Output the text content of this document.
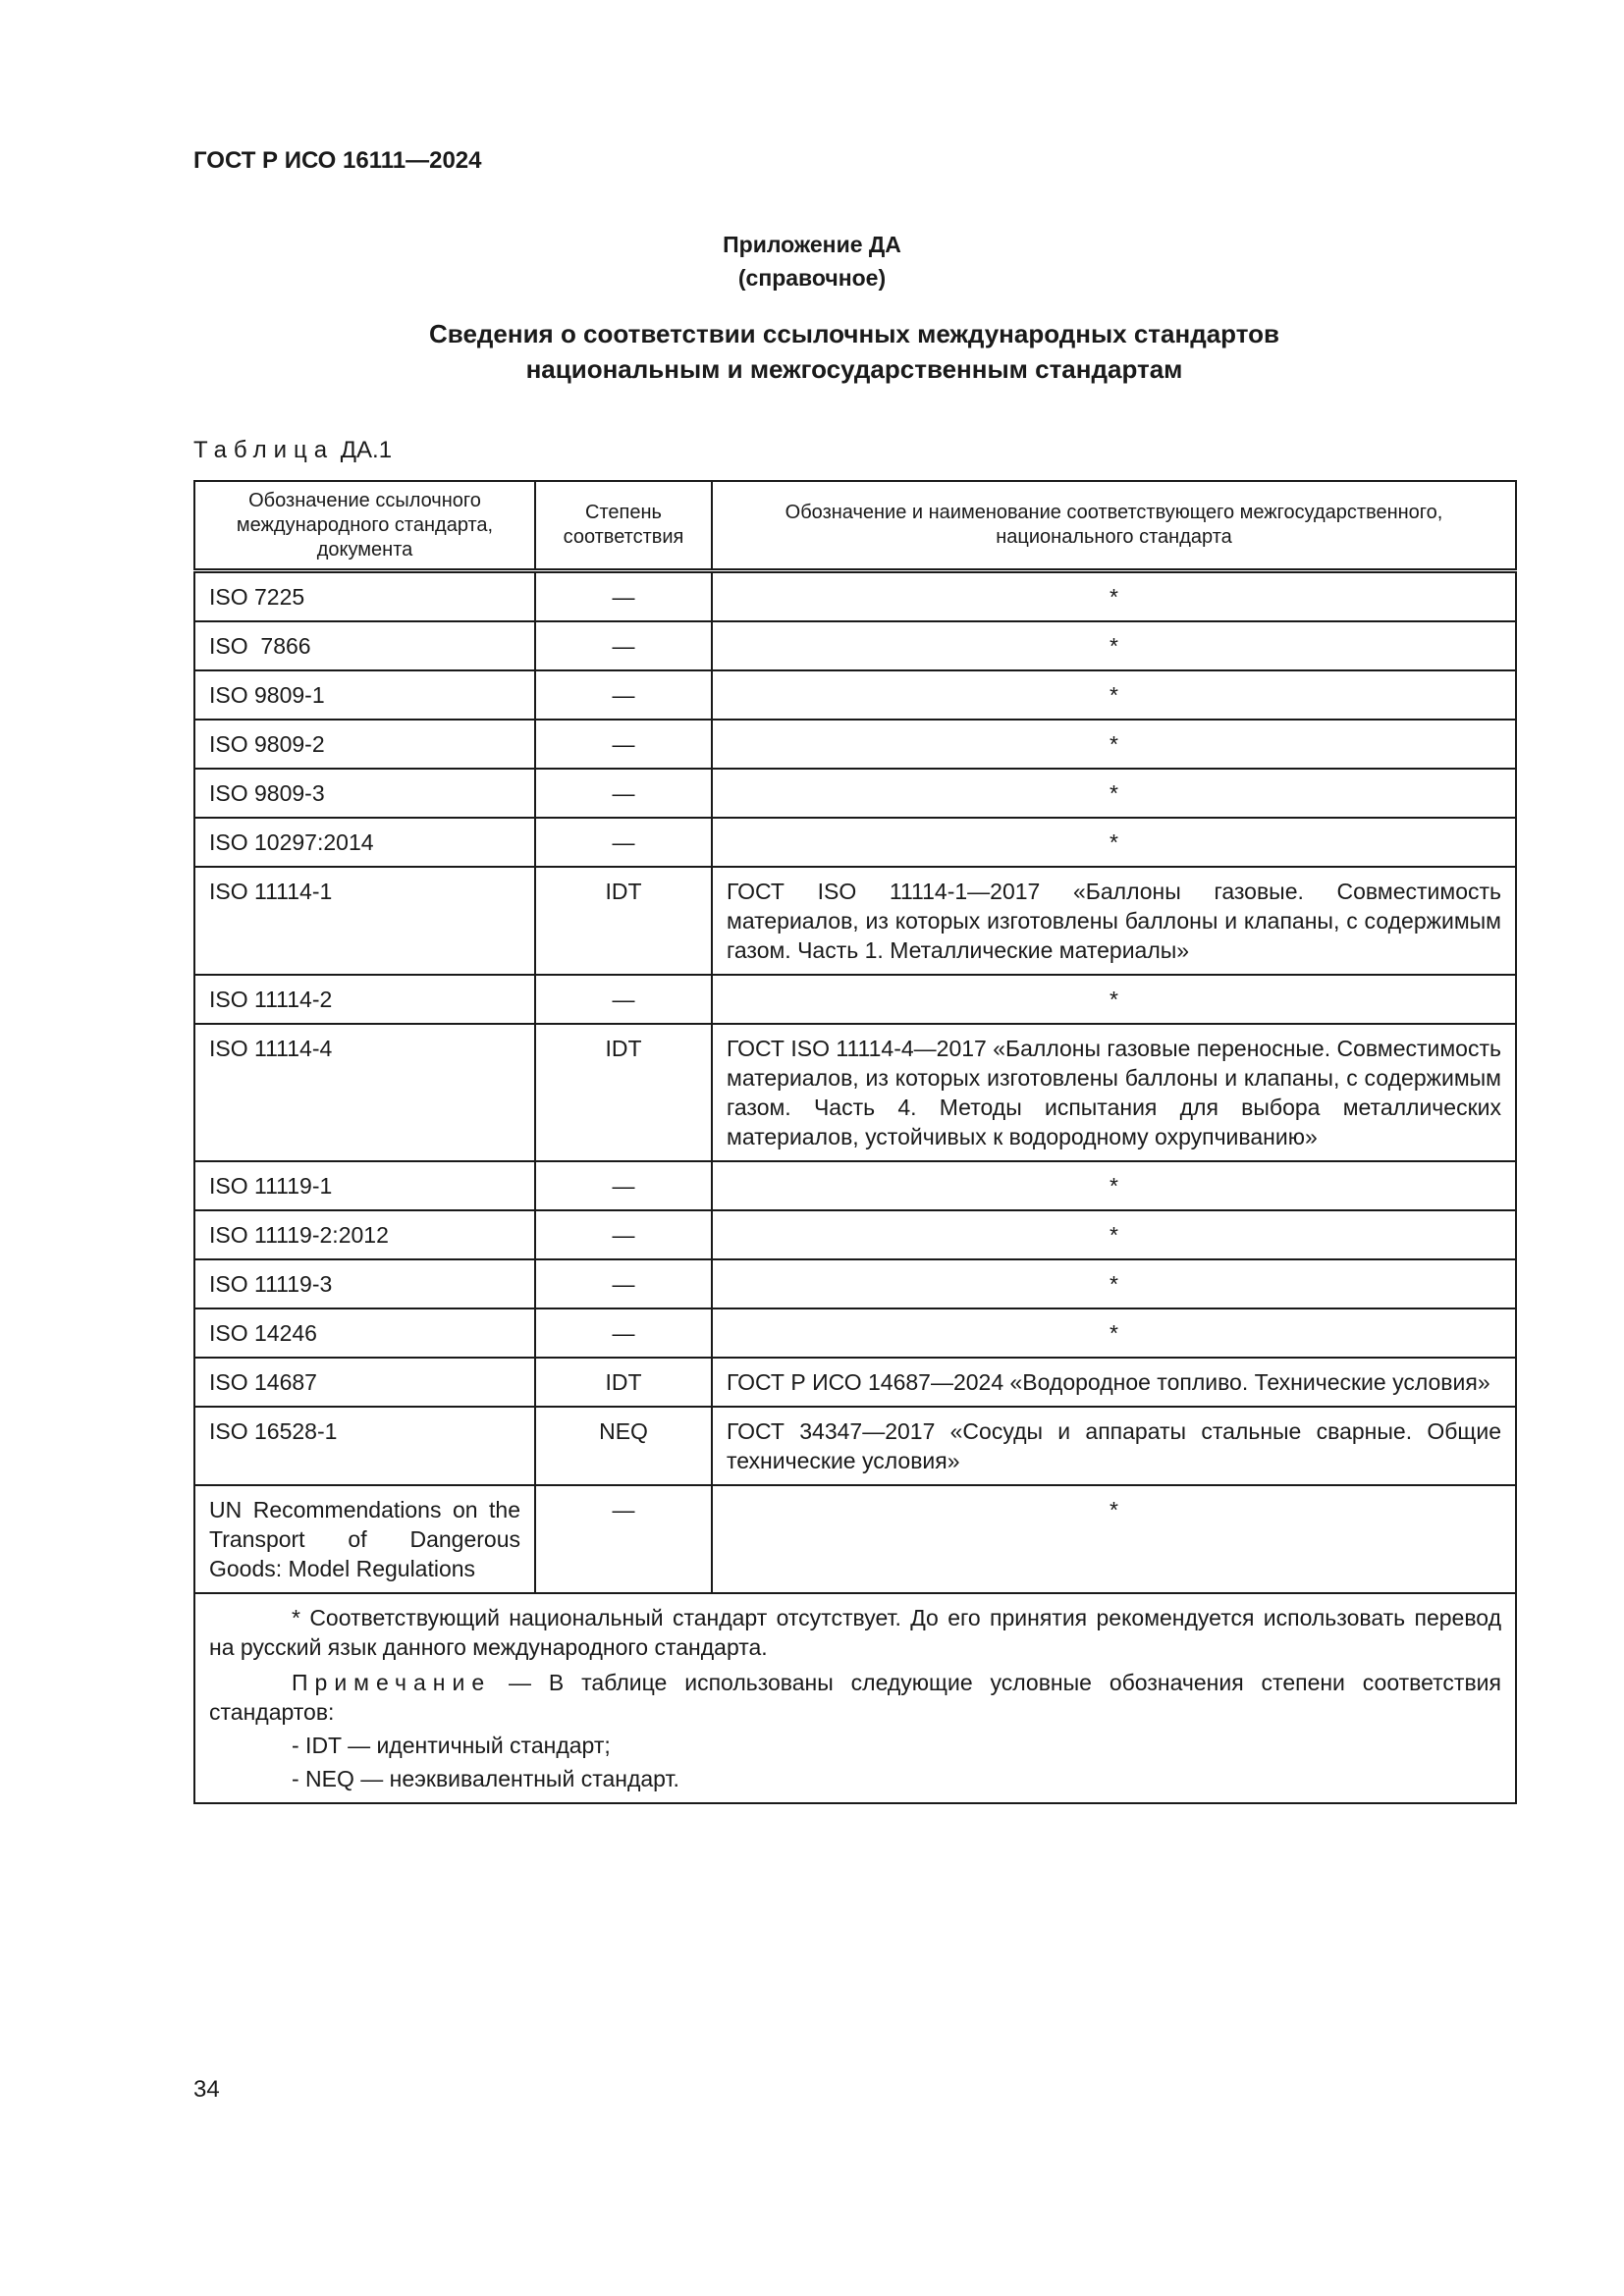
ГОСТ Р ИСО 16111—2024
Приложение ДА
(справочное)
Сведения о соответствии ссылочных международных стандартов
национальным и межгосударственным стандартам
Таблица ДА.1
Обозначение ссылочного международного стандарта, документа	Степень соответствия	Обозначение и наименование соответствующего межгосударственного, национального стандарта
ISO 7225	—	*
ISO  7866	—	*
ISO 9809-1	—	*
ISO 9809-2	—	*
ISO 9809-3	—	*
ISO 10297:2014	—	*
ISO 11114-1	IDT	ГОСТ ISO 11114-1—2017 «Баллоны газовые. Совместимость материалов, из которых изготовлены баллоны и клапаны, с содержимым газом. Часть 1. Металлические материалы»
ISO 11114-2	—	*
ISO 11114-4	IDT	ГОСТ ISO 11114-4—2017 «Баллоны газовые переносные. Совместимость материалов, из которых изготовлены баллоны и клапаны, с содержимым газом. Часть 4. Методы испытания для выбора металлических материалов, устойчивых к водородному охрупчиванию»
ISO 11119-1	—	*
ISO 11119-2:2012	—	*
ISO 11119-3	—	*
ISO 14246	—	*
ISO 14687	IDT	ГОСТ Р ИСО 14687—2024 «Водородное топливо. Технические условия»
ISO 16528-1	NEQ	ГОСТ 34347—2017 «Сосуды и аппараты стальные сварные. Общие технические условия»
UN Recommendations on the Transport of Dangerous Goods: Model Regulations	—	*

* Соответствующий национальный стандарт отсутствует. До его принятия рекомендуется использовать перевод на русский язык данного международного стандарта.

Примечание — В таблице использованы следующие условные обозначения степени соответствия стандартов:

- IDT — идентичный стандарт;
- NEQ — неэквивалентный стандарт.		
34
